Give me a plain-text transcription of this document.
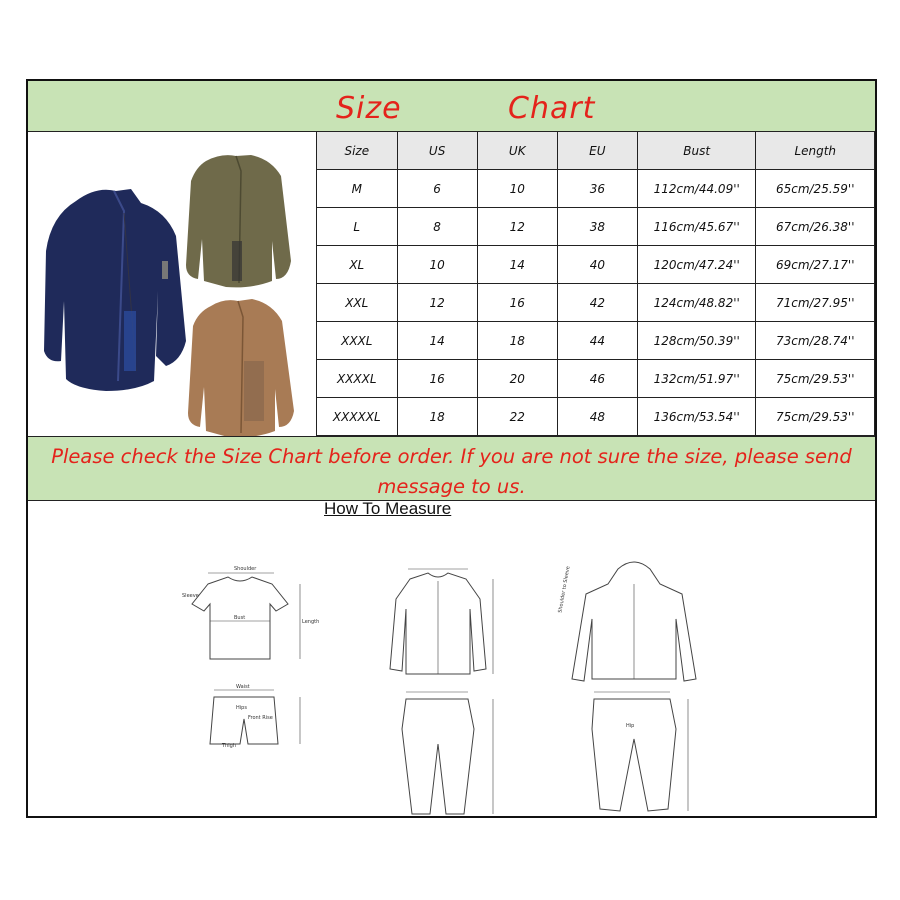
Size	Chart
Size	US	UK	EU	Bust	Length
M	6	10	36	112cm/44.09''	65cm/25.59''
L	8	12	38	116cm/45.67''	67cm/26.38''
XL	10	14	40	120cm/47.24''	69cm/27.17''
XXL	12	16	42	124cm/48.82''	71cm/27.95''
XXXL	14	18	44	128cm/50.39''	73cm/28.74''
XXXXL	16	20	46	132cm/51.97''	75cm/29.53''
XXXXXL	18	22	48	136cm/53.54''	75cm/29.53''

Please check the Size Chart before order. If you are not sure the size, please send message to us.

How To Measure
Shoulder
Bust
Length
Sleeve
Waist
Hips
Front Rise
Thigh
Shoulder to Sleeve
Hip
